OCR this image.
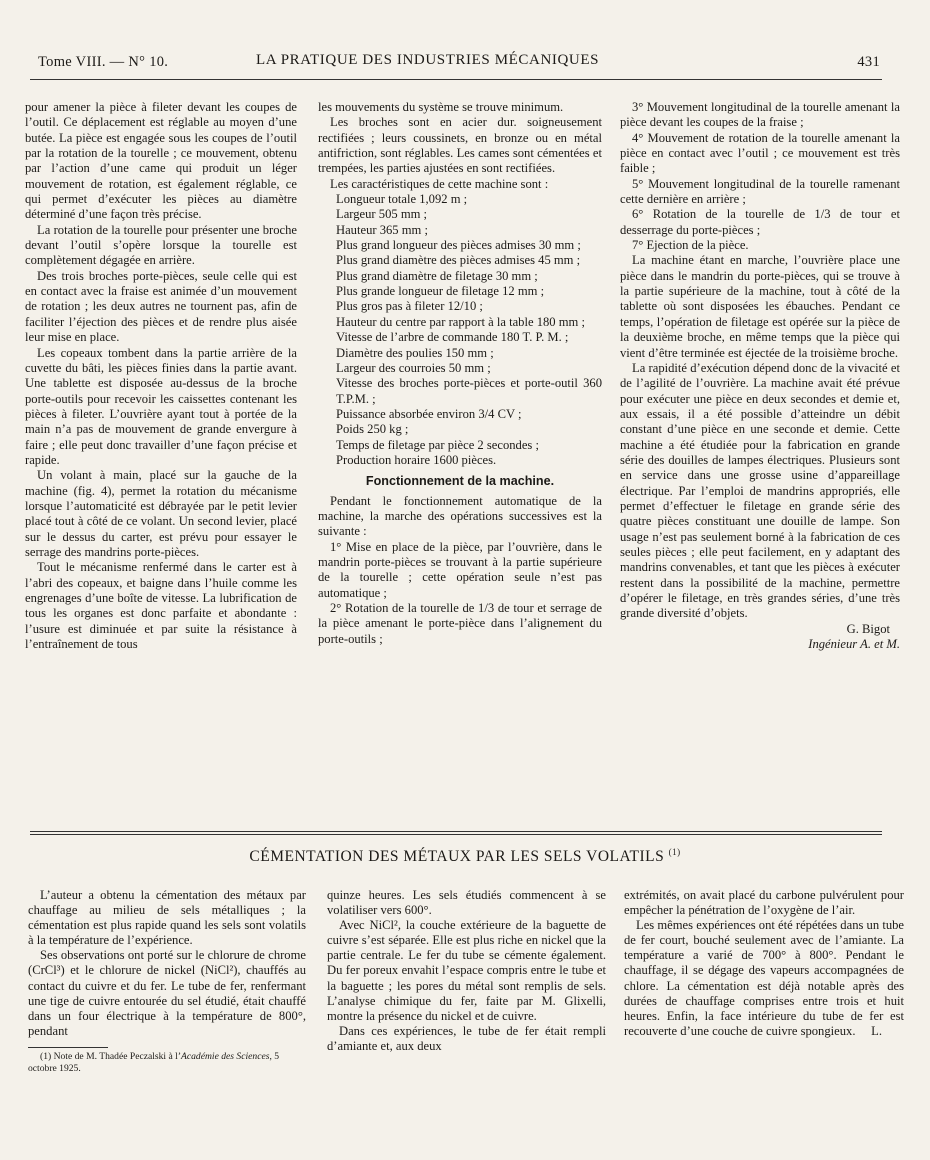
Tome VIII. — N° 10.	LA PRATIQUE DES INDUSTRIES MÉCANIQUES	431

pour amener la pièce à fileter devant les coupes de l’outil. Ce déplacement est réglable au moyen d’une butée. La pièce est engagée sous les coupes de l’outil par la rotation de la tourelle ; ce mouvement, obtenu par l’action d’une came qui produit un léger mouvement de rotation, est également réglable, ce qui permet d’exécuter les pièces au diamètre déterminé d’une façon très précise.

La rotation de la tourelle pour présenter une broche devant l’outil s’opère lorsque la tourelle est complètement dégagée en arrière.

Des trois broches porte-pièces, seule celle qui est en contact avec la fraise est animée d’un mouvement de rotation ; les deux autres ne tournent pas, afin de faciliter l’éjection des pièces et de rendre plus aisée leur mise en place.

Les copeaux tombent dans la partie arrière de la cuvette du bâti, les pièces finies dans la partie avant. Une tablette est disposée au-dessus de la broche porte-outils pour recevoir les caissettes contenant les pièces à fileter. L’ouvrière ayant tout à portée de la main n’a pas de mouvement de grande envergure à faire ; elle peut donc travailler d’une façon précise et rapide.

Un volant à main, placé sur la gauche de la machine (fig. 4), permet la rotation du mécanisme lorsque l’automaticité est débrayée par le petit levier placé tout à côté de ce volant. Un second levier, placé sur le dessus du carter, est prévu pour essayer le serrage des mandrins porte-pièces.

Tout le mécanisme renfermé dans le carter est à l’abri des copeaux, et baigne dans l’huile comme les engrenages d’une boîte de vitesse. La lubrification de tous les organes est donc parfaite et abondante : l’usure est diminuée et par suite la résistance à l’entraînement de tous

les mouvements du système se trouve minimum.

Les broches sont en acier dur. soigneusement rectifiées ; leurs coussinets, en bronze ou en métal antifriction, sont réglables. Les cames sont cémentées et trempées, les parties ajustées en sont rectifiées.

Les caractéristiques de cette machine sont :

Longueur totale 1,092 m ;

Largeur 505 mm ;

Hauteur 365 mm ;

Plus grand longueur des pièces admises 30 mm ;

Plus grand diamètre des pièces admises 45 mm ;

Plus grand diamètre de filetage 30 mm ;

Plus grande longueur de filetage 12 mm ;

Plus gros pas à fileter 12/10 ;

Hauteur du centre par rapport à la table 180 mm ;

Vitesse de l’arbre de commande 180 T. P. M. ;

Diamètre des poulies 150 mm ;

Largeur des courroies 50 mm ;

Vitesse des broches porte-pièces et porte-outil 360 T.P.M. ;

Puissance absorbée environ 3/4 CV ;

Poids 250 kg ;

Temps de filetage par pièce 2 secondes ;

Production horaire 1600 pièces.

Fonctionnement de la machine.

Pendant le fonctionnement automatique de la machine, la marche des opérations successives est la suivante :

1° Mise en place de la pièce, par l’ouvrière, dans le mandrin porte-pièces se trouvant à la partie supérieure de la tourelle ; cette opération seule n’est pas automatique ;

2° Rotation de la tourelle de 1/3 de tour et serrage de la pièce amenant le porte-pièce dans l’alignement du porte-outils ;

3° Mouvement longitudinal de la tourelle amenant la pièce devant les coupes de la fraise ;

4° Mouvement de rotation de la tourelle amenant la pièce en contact avec l’outil ; ce mouvement est très faible ;

5° Mouvement longitudinal de la tourelle ramenant cette dernière en arrière ;

6° Rotation de la tourelle de 1/3 de tour et desserrage du porte-pièces ;

7° Ejection de la pièce.

La machine étant en marche, l’ouvrière place une pièce dans le mandrin du porte-pièces, qui se trouve à la partie supérieure de la machine, tout à côté de la tablette où sont disposées les ébauches. Pendant ce temps, l’opération de filetage est opérée sur la pièce de la deuxième broche, en même temps que la pièce qui vient d’être terminée est éjectée de la troisième broche.

La rapidité d’exécution dépend donc de la vivacité et de l’agilité de l’ouvrière. La machine avait été prévue pour exécuter une pièce en deux secondes et demie et, aux essais, il a été possible d’atteindre un débit constant d’une pièce en une seconde et demie. Cette machine a été étudiée pour la fabrication en grande série des douilles de lampes électriques. Plusieurs sont en service dans une grosse usine d’appareillage électrique. Par l’emploi de mandrins appropriés, elle permet d’effectuer le filetage en grande série des quatre pièces constituant une douille de lampe. Son usage n’est pas seulement borné à la fabrication de ces seules pièces ; elle peut facilement, en y adaptant des mandrins convenables, et tant que les pièces à exécuter restent dans la possibilité de la machine, permettre d’opérer le filetage, en très grandes séries, d’une très grande diversité d’objets.

G. Bigot

Ingénieur A. et M.

CÉMENTATION DES MÉTAUX PAR LES SELS VOLATILS $^{(1)}$

L’auteur a obtenu la cémentation des métaux par chauffage au milieu de sels métalliques ; la cémentation est plus rapide quand les sels sont volatils à la température de l’expérience.

Ses observations ont porté sur le chlorure de chrome (CrCl³) et le chlorure de nickel (NiCl²), chauffés au contact du cuivre et du fer. Le tube de fer, renfermant une tige de cuivre entourée du sel étudié, était chauffé dans un four électrique à la température de 800°, pendant

(1) Note de M. Thadée Peczalski à l’Académie des Sciences, 5 octobre 1925.

quinze heures. Les sels étudiés commencent à se volatiliser vers 600°.

Avec NiCl², la couche extérieure de la baguette de cuivre s’est séparée. Elle est plus riche en nickel que la partie centrale. Le fer du tube se cémente également. Du fer poreux envahit l’espace compris entre le tube et la baguette ; les pores du métal sont remplis de sels. L’analyse chimique du fer, faite par M. Glixelli, montre la présence du nickel et de cuivre.

Dans ces expériences, le tube de fer était rempli d’amiante et, aux deux

extrémités, on avait placé du carbone pulvérulent pour empêcher la pénétration de l’oxygène de l’air.

Les mêmes expériences ont été répétées dans un tube de fer court, bouché seulement avec de l’amiante. La température a varié de 700° à 800°. Pendant le chauffage, il se dégage des vapeurs accompagnées de chlore. La cémentation est déjà notable après des durées de chauffage comprises entre trois et huit heures. Enfin, la face intérieure du tube de fer est recouverte d’une couche de cuivre spongieux.	L.
